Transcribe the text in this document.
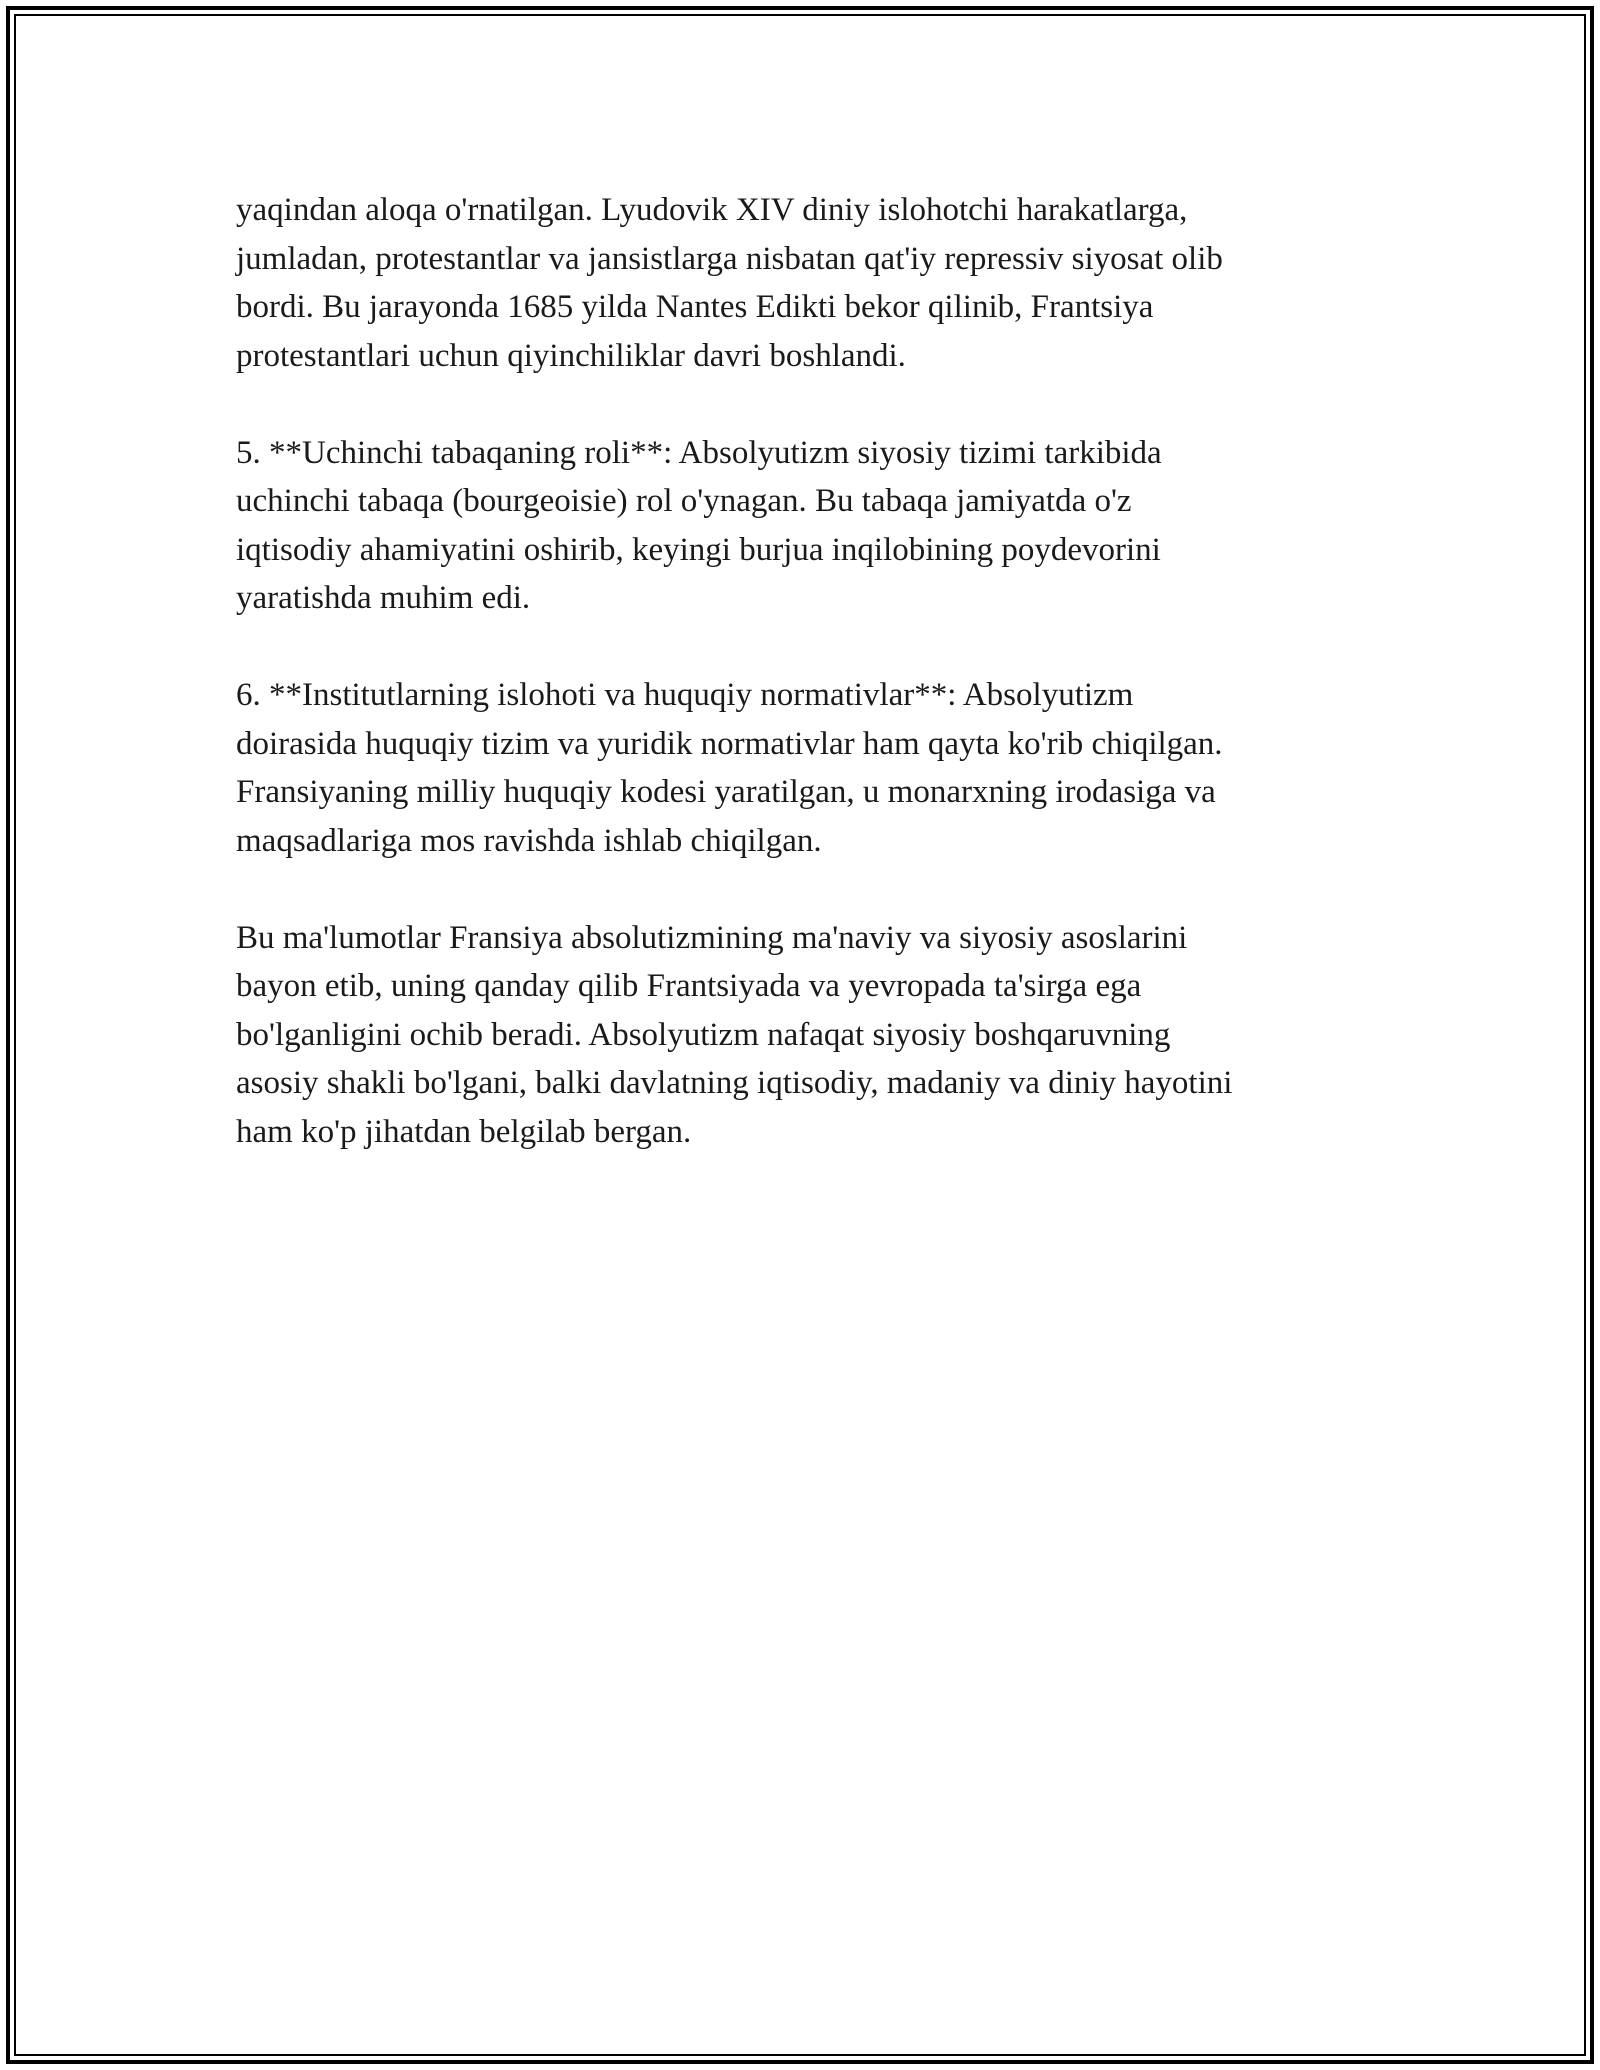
yaqindan aloqa o'rnatilgan. Lyudovik XIV diniy islohotchi harakatlarga,
jumladan, protestantlar va jansistlarga nisbatan qat'iy repressiv siyosat olib
bordi. Bu jarayonda 1685 yilda Nantes Edikti bekor qilinib, Frantsiya
protestantlari uchun qiyinchiliklar davri boshlandi.

5. **Uchinchi tabaqaning roli**: Absolyutizm siyosiy tizimi tarkibida
uchinchi tabaqa (bourgeoisie) rol o'ynagan. Bu tabaqa jamiyatda o'z
iqtisodiy ahamiyatini oshirib, keyingi burjua inqilobining poydevorini
yaratishda muhim edi.

6. **Institutlarning islohoti va huquqiy normativlar**: Absolyutizm
doirasida huquqiy tizim va yuridik normativlar ham qayta ko'rib chiqilgan.
Fransiyaning milliy huquqiy kodesi yaratilgan, u monarxning irodasiga va
maqsadlariga mos ravishda ishlab chiqilgan.

Bu ma'lumotlar Fransiya absolutizmining ma'naviy va siyosiy asoslarini
bayon etib, uning qanday qilib Frantsiyada va yevropada ta'sirga ega
bo'lganligini ochib beradi. Absolyutizm nafaqat siyosiy boshqaruvning
asosiy shakli bo'lgani, balki davlatning iqtisodiy, madaniy va diniy hayotini
ham ko'p jihatdan belgilab bergan.
